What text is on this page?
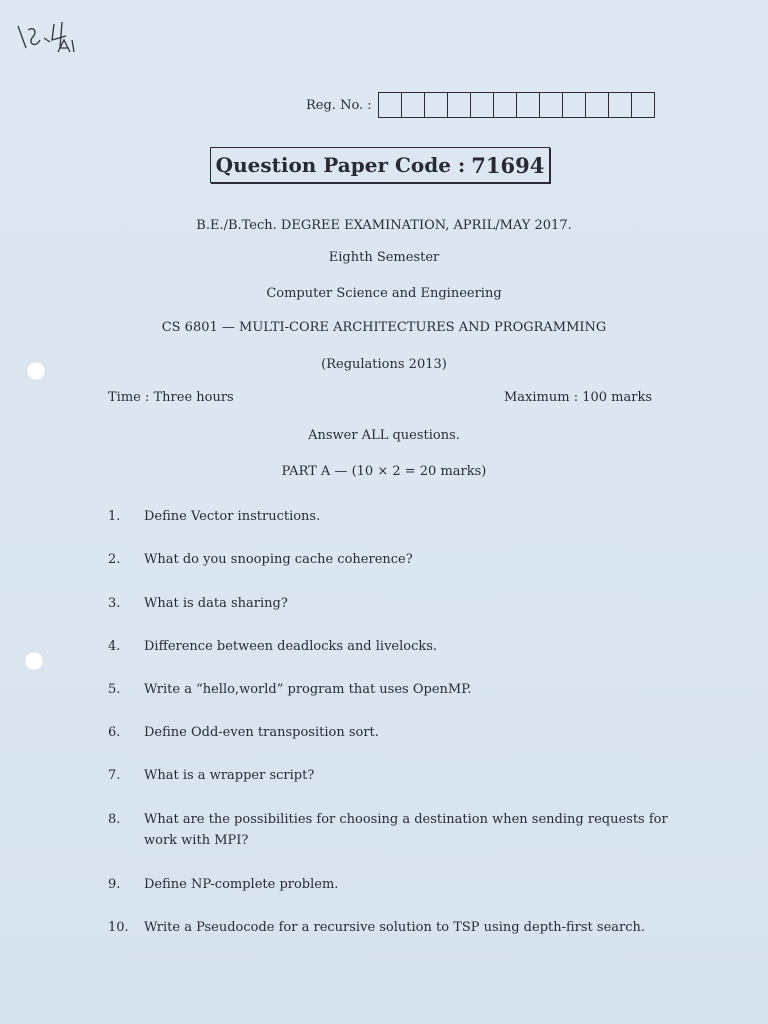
Reg. No. :
Question Paper Code : 71694
B.E./B.Tech. DEGREE EXAMINATION, APRIL/MAY 2017.
Eighth Semester
Computer Science and Engineering
CS 6801 — MULTI-CORE ARCHITECTURES AND PROGRAMMING
(Regulations 2013)
Time : Three hours	Maximum : 100 marks
Answer ALL questions.
PART A — (10 × 2 = 20 marks)
1.	Define Vector instructions.
2.	What do you snooping cache coherence?
3.	What is data sharing?
4.	Difference between deadlocks and livelocks.
5.	Write a “hello,world” program that uses OpenMP.
6.	Define Odd-even transposition sort.
7.	What is a wrapper script?
8.	What are the possibilities for choosing a destination when sending requests for work with MPI?
9.	Define NP-complete problem.
10.	Write a Pseudocode for a recursive solution to TSP using depth-first search.
